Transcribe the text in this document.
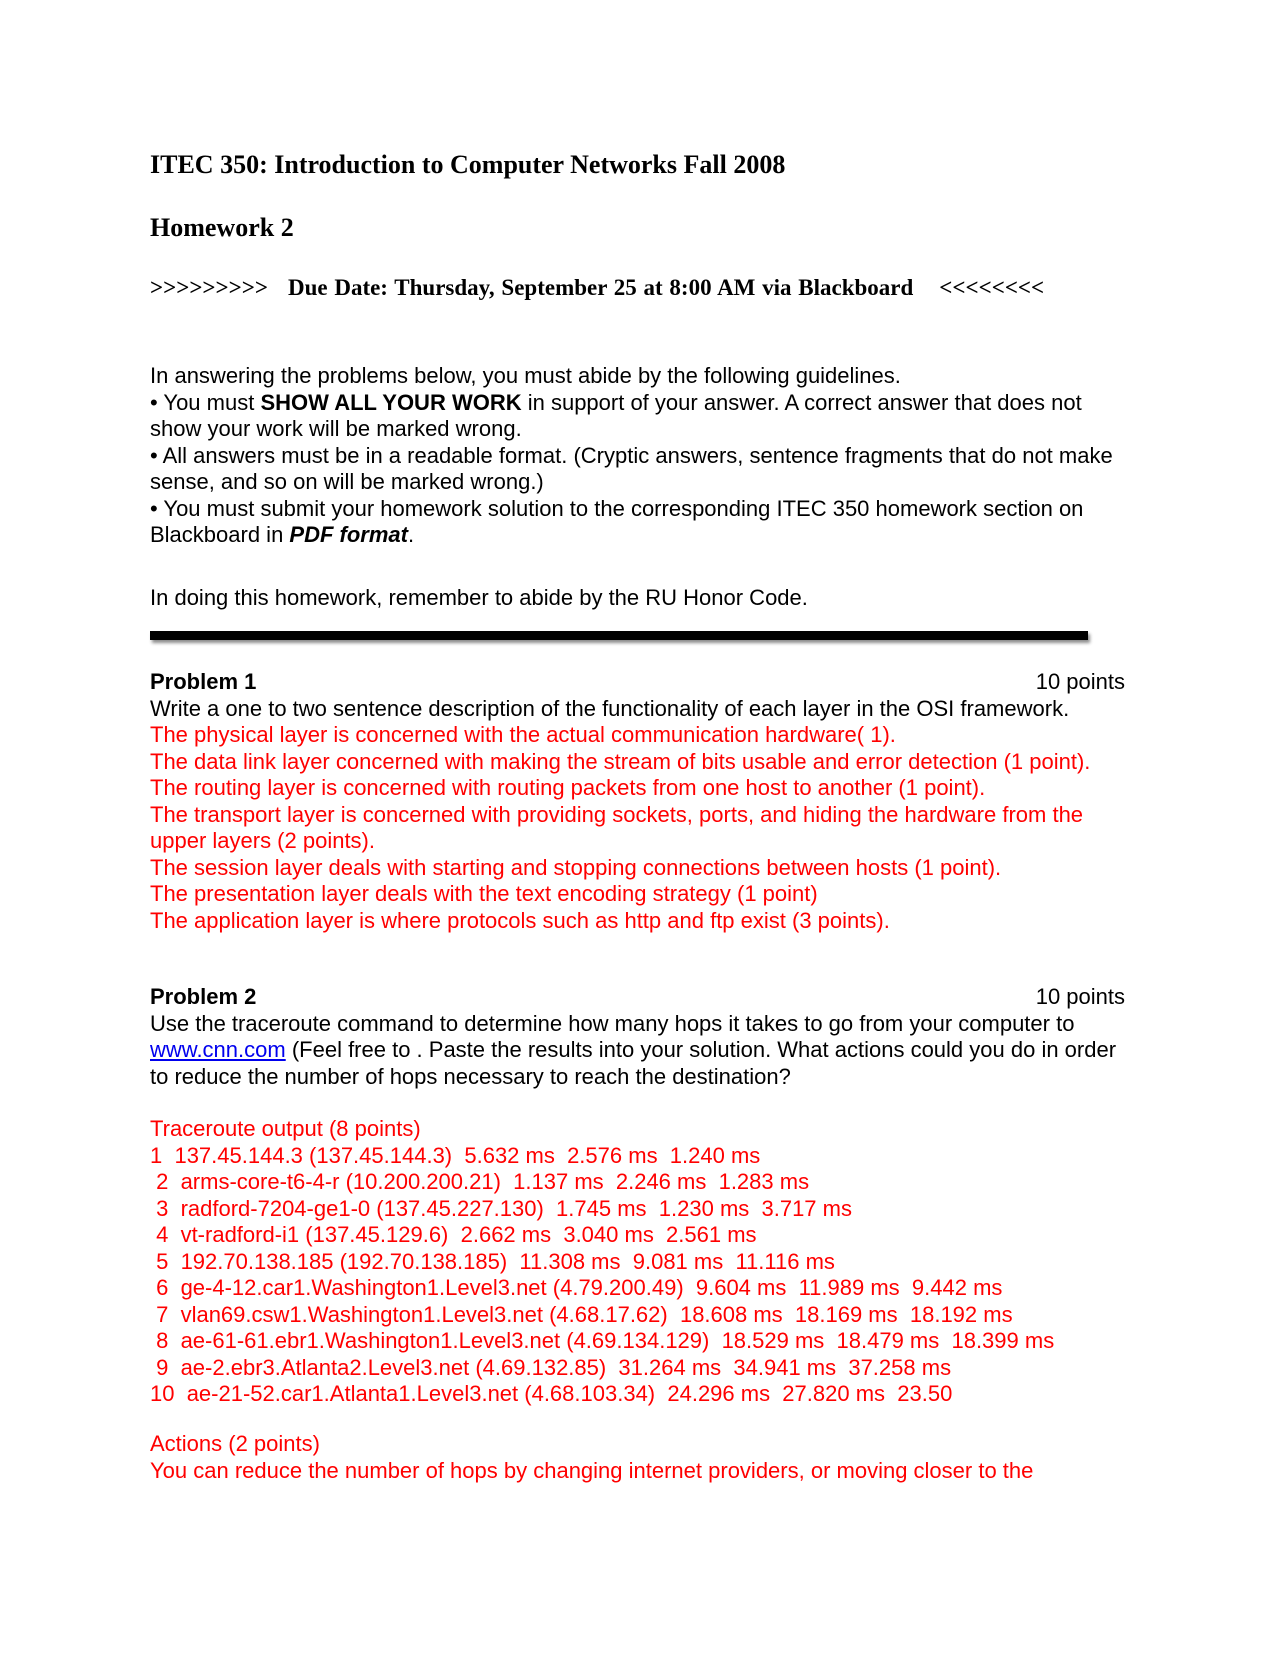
ITEC 350: Introduction to Computer Networks Fall 2008
Homework 2
>>>>>>>>> Due Date: Thursday, September 25 at 8:00 AM via Blackboard <<<<<<<<

In answering the problems below, you must abide by the following guidelines.

• You must SHOW ALL YOUR WORK in support of your answer. A correct answer that does not show your work will be marked wrong.

• All answers must be in a readable format. (Cryptic answers, sentence fragments that do not make sense, and so on will be marked wrong.)

• You must submit your homework solution to the corresponding ITEC 350 homework section on Blackboard in PDF format.

In doing this homework, remember to abide by the RU Honor Code.
Problem 1	10 points

Write a one to two sentence description of the functionality of each layer in the OSI framework.

The physical layer is concerned with the actual communication hardware( 1).

The data link layer concerned with making the stream of bits usable and error detection (1 point).

The routing layer is concerned with routing packets from one host to another (1 point).

The transport layer is concerned with providing sockets, ports, and hiding the hardware from the upper layers (2 points).

The session layer deals with starting and stopping connections between hosts (1 point).

The presentation layer deals with the text encoding strategy (1 point)

The application layer is where protocols such as http and ftp exist (3 points).

Problem 2	10 points

Use the traceroute command to determine how many hops it takes to go from your computer to www.cnn.com (Feel free to . Paste the results into your solution. What actions could you do in order to reduce the number of hops necessary to reach the destination?

Traceroute output (8 points)

1  137.45.144.3 (137.45.144.3)  5.632 ms  2.576 ms  1.240 ms

2  arms-core-t6-4-r (10.200.200.21)  1.137 ms  2.246 ms  1.283 ms

3  radford-7204-ge1-0 (137.45.227.130)  1.745 ms  1.230 ms  3.717 ms

4  vt-radford-i1 (137.45.129.6)  2.662 ms  3.040 ms  2.561 ms

5  192.70.138.185 (192.70.138.185)  11.308 ms  9.081 ms  11.116 ms

6  ge-4-12.car1.Washington1.Level3.net (4.79.200.49)  9.604 ms  11.989 ms  9.442 ms

7  vlan69.csw1.Washington1.Level3.net (4.68.17.62)  18.608 ms  18.169 ms  18.192 ms

8  ae-61-61.ebr1.Washington1.Level3.net (4.69.134.129)  18.529 ms  18.479 ms  18.399 ms

9  ae-2.ebr3.Atlanta2.Level3.net (4.69.132.85)  31.264 ms  34.941 ms  37.258 ms

10  ae-21-52.car1.Atlanta1.Level3.net (4.68.103.34)  24.296 ms  27.820 ms  23.50

Actions (2 points)

You can reduce the number of hops by changing internet providers, or moving closer to the
